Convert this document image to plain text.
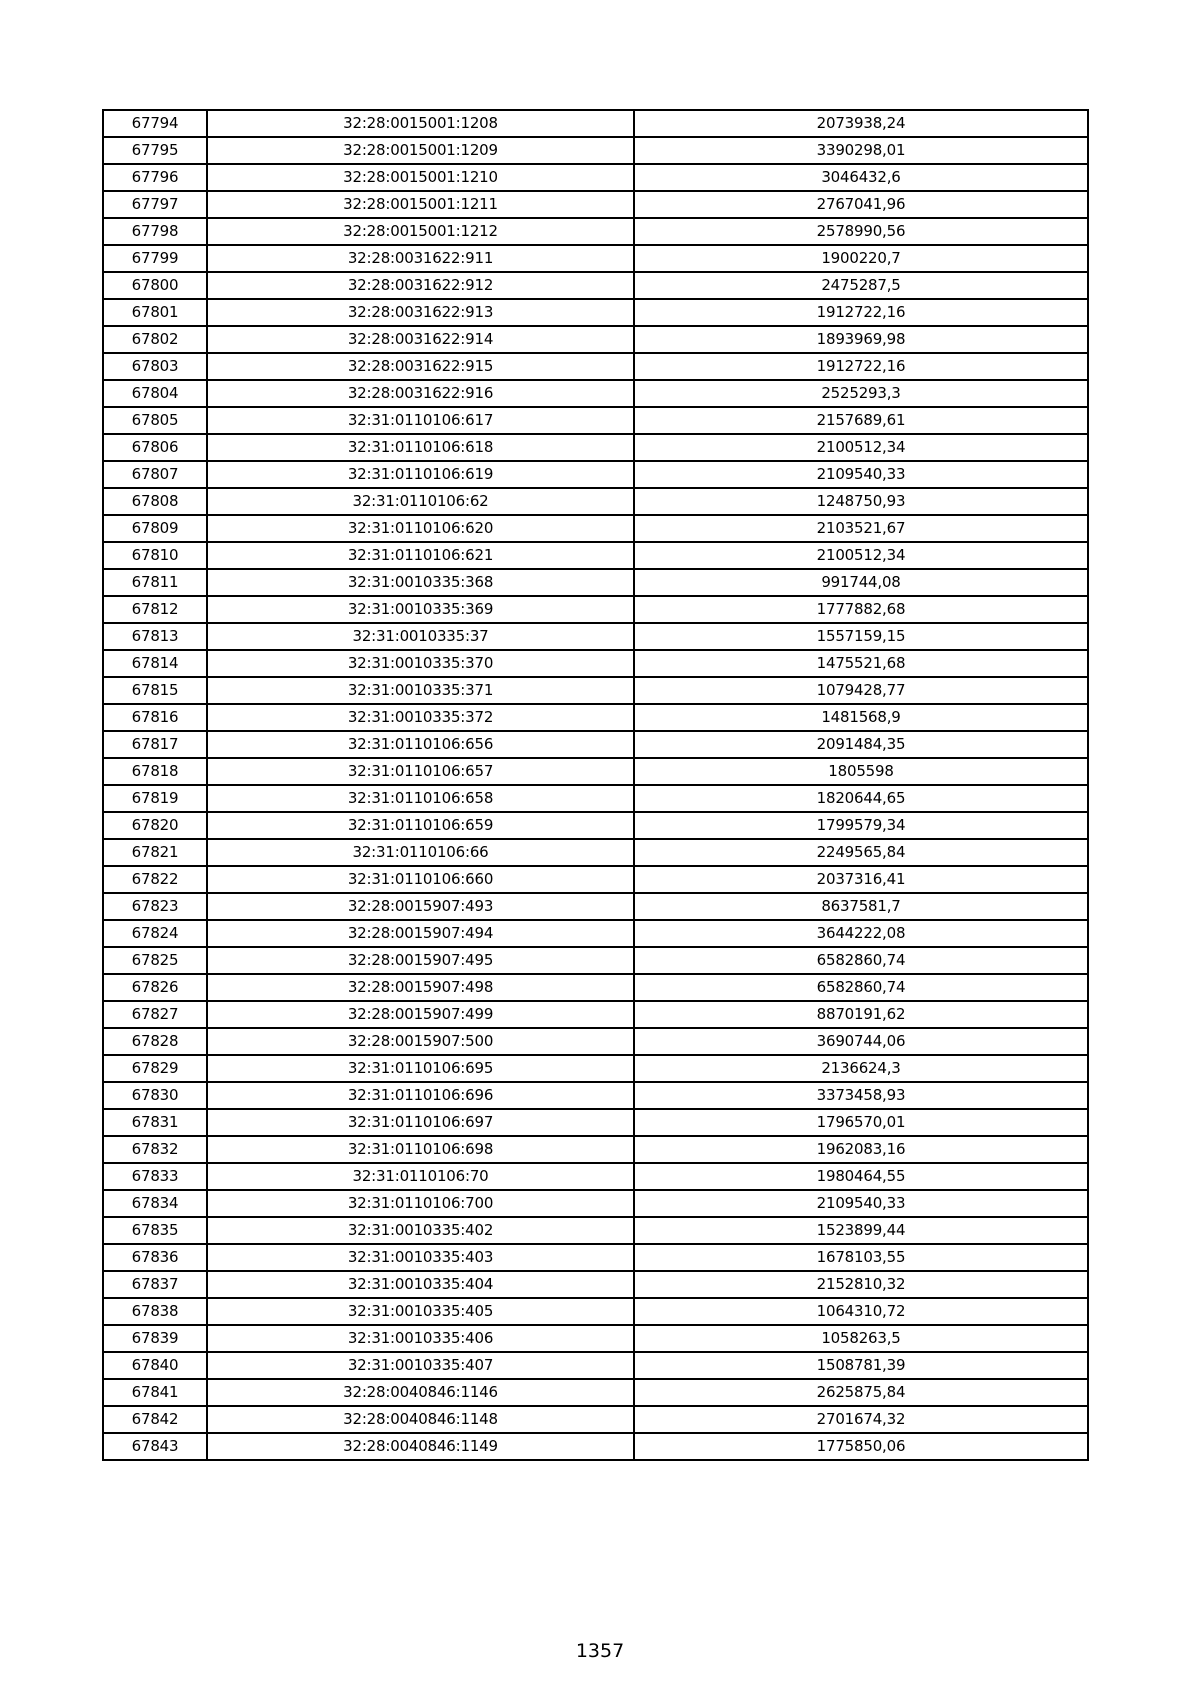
67794	32:28:0015001:1208	2073938,24
67795	32:28:0015001:1209	3390298,01
67796	32:28:0015001:1210	3046432,6
67797	32:28:0015001:1211	2767041,96
67798	32:28:0015001:1212	2578990,56
67799	32:28:0031622:911	1900220,7
67800	32:28:0031622:912	2475287,5
67801	32:28:0031622:913	1912722,16
67802	32:28:0031622:914	1893969,98
67803	32:28:0031622:915	1912722,16
67804	32:28:0031622:916	2525293,3
67805	32:31:0110106:617	2157689,61
67806	32:31:0110106:618	2100512,34
67807	32:31:0110106:619	2109540,33
67808	32:31:0110106:62	1248750,93
67809	32:31:0110106:620	2103521,67
67810	32:31:0110106:621	2100512,34
67811	32:31:0010335:368	991744,08
67812	32:31:0010335:369	1777882,68
67813	32:31:0010335:37	1557159,15
67814	32:31:0010335:370	1475521,68
67815	32:31:0010335:371	1079428,77
67816	32:31:0010335:372	1481568,9
67817	32:31:0110106:656	2091484,35
67818	32:31:0110106:657	1805598
67819	32:31:0110106:658	1820644,65
67820	32:31:0110106:659	1799579,34
67821	32:31:0110106:66	2249565,84
67822	32:31:0110106:660	2037316,41
67823	32:28:0015907:493	8637581,7
67824	32:28:0015907:494	3644222,08
67825	32:28:0015907:495	6582860,74
67826	32:28:0015907:498	6582860,74
67827	32:28:0015907:499	8870191,62
67828	32:28:0015907:500	3690744,06
67829	32:31:0110106:695	2136624,3
67830	32:31:0110106:696	3373458,93
67831	32:31:0110106:697	1796570,01
67832	32:31:0110106:698	1962083,16
67833	32:31:0110106:70	1980464,55
67834	32:31:0110106:700	2109540,33
67835	32:31:0010335:402	1523899,44
67836	32:31:0010335:403	1678103,55
67837	32:31:0010335:404	2152810,32
67838	32:31:0010335:405	1064310,72
67839	32:31:0010335:406	1058263,5
67840	32:31:0010335:407	1508781,39
67841	32:28:0040846:1146	2625875,84
67842	32:28:0040846:1148	2701674,32
67843	32:28:0040846:1149	1775850,06
1357
